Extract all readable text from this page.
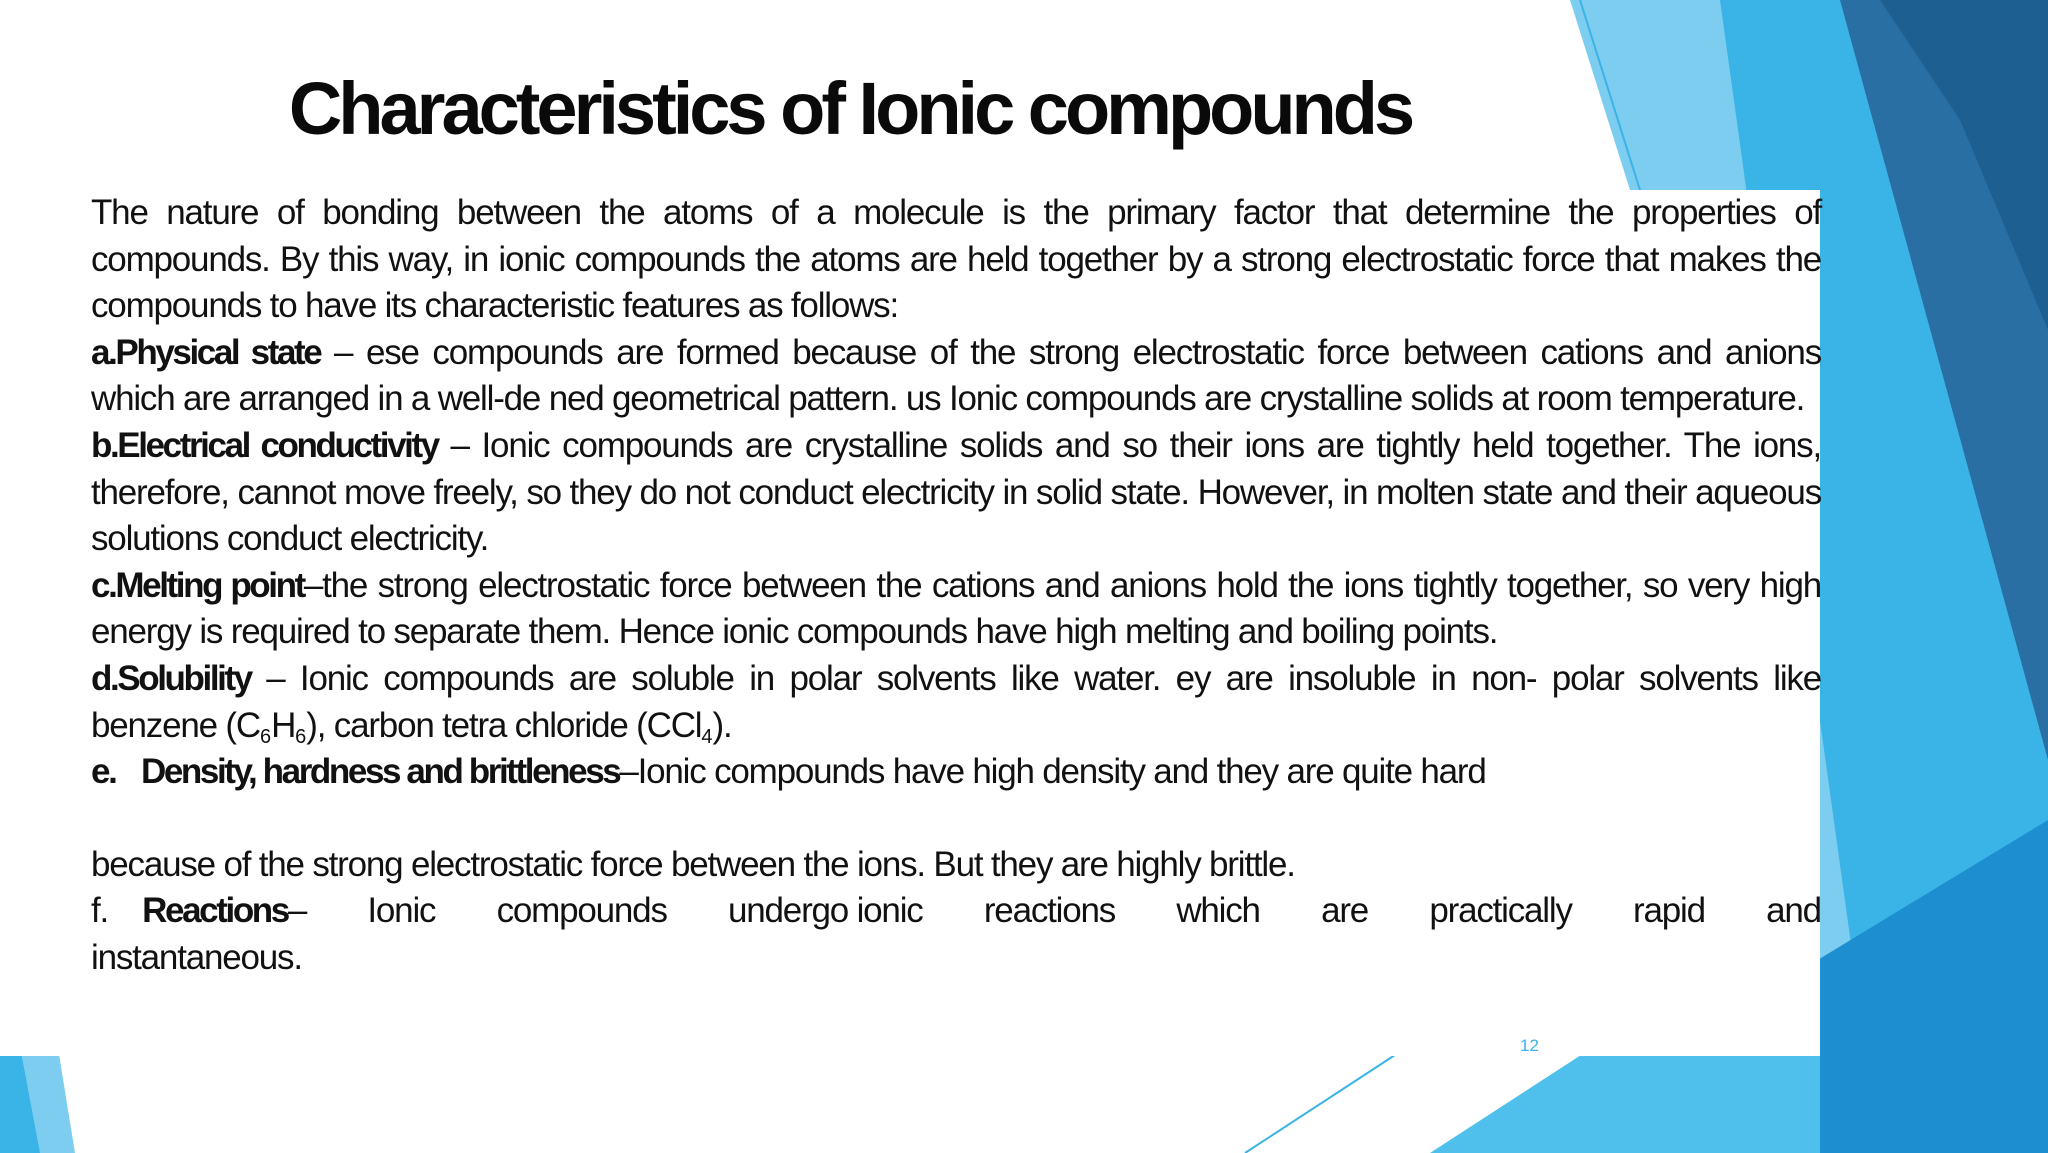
Characteristics of Ionic compounds

The nature of bonding between the atoms of a molecule is the primary factor that determine the properties of compounds. By this way, in ionic compounds the atoms are held together by a strong electrostatic force that makes the compounds to have its characteristic features as follows:

a.Physical state – ese compounds are formed because of the strong electrostatic force between cations and anions which are arranged in a well-de ned geometrical pattern. us Ionic compounds are crystalline solids at room temperature.

b.Electrical conductivity – Ionic compounds are crystalline solids and so their ions are tightly held together. The ions, therefore, cannot move freely, so they do not conduct electricity in solid state. However, in molten state and their aqueous solutions conduct electricity.

c.Melting point–the strong electrostatic force between the cations and anions hold the ions tightly together, so very high energy is required to separate them. Hence ionic compounds have high melting and boiling points.

d.Solubility – Ionic compounds are soluble in polar solvents like water. ey are insoluble in non- polar solvents like benzene $(C_6H_6)$, carbon tetra chloride (CCl$_4$).

e. Density, hardness and brittleness–Ionic compounds have high density and they are quite hard

because of the strong electrostatic force between the ions. But they are highly brittle.

f. Reactions– Ionic compounds undergo ionic reactions which are practically rapid and

instantaneous.

12
